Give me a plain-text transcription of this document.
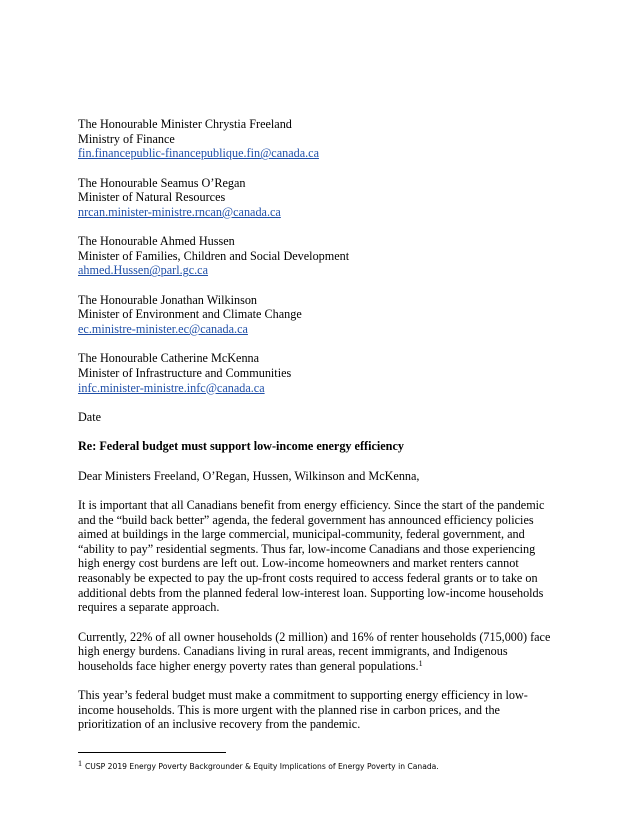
The Honourable Minister Chrystia Freeland
Ministry of Finance
fin.financepublic-financepublique.fin@canada.ca
The Honourable Seamus O’Regan
Minister of Natural Resources
nrcan.minister-ministre.rncan@canada.ca
The Honourable Ahmed Hussen
Minister of Families, Children and Social Development
ahmed.Hussen@parl.gc.ca
The Honourable Jonathan Wilkinson
Minister of Environment and Climate Change
ec.ministre-minister.ec@canada.ca
The Honourable Catherine McKenna
Minister of Infrastructure and Communities
infc.minister-ministre.infc@canada.ca
Date
Re: Federal budget must support low-income energy efficiency
Dear Ministers Freeland, O’Regan, Hussen, Wilkinson and McKenna,
It is important that all Canadians benefit from energy efficiency. Since the start of the pandemic
and the “build back better” agenda, the federal government has announced efficiency policies
aimed at buildings in the large commercial, municipal-community, federal government, and
“ability to pay” residential segments. Thus far, low-income Canadians and those experiencing
high energy cost burdens are left out. Low-income homeowners and market renters cannot
reasonably be expected to pay the up-front costs required to access federal grants or to take on
additional debts from the planned federal low-interest loan. Supporting low-income households
requires a separate approach.
Currently, 22% of all owner households (2 million) and 16% of renter households (715,000) face
high energy burdens. Canadians living in rural areas, recent immigrants, and Indigenous
households face higher energy poverty rates than general populations.$^1$
This year’s federal budget must make a commitment to supporting energy efficiency in low-
income households. This is more urgent with the planned rise in carbon prices, and the
prioritization of an inclusive recovery from the pandemic.
$^1$ CUSP 2019 Energy Poverty Backgrounder & Equity Implications of Energy Poverty in Canada.
